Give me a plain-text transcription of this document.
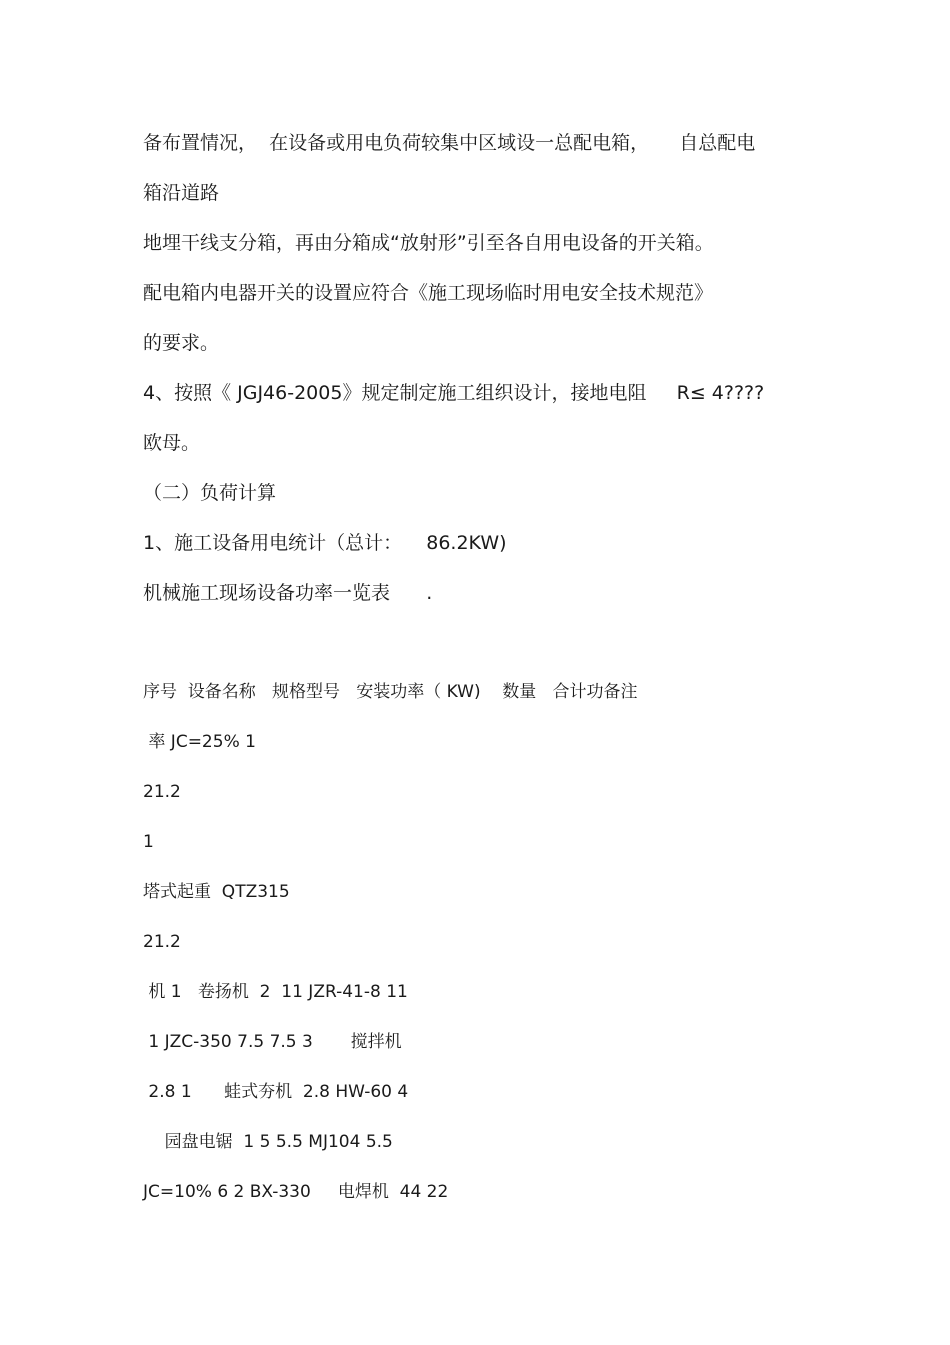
备布置情况，  在设备或用电负荷较集中区域设一总配电箱，     自总配电
箱沿道路
地埋干线支分箱，再由分箱成“放射形”引至各自用电设备的开关箱。
配电箱内电器开关的设置应符合《施工现场临时用电安全技术规范》
的要求。
4、按照《 JGJ46-2005》规定制定施工组织设计，接地电阻     R≤ 4????
欧母。
（二）负荷计算
1、施工设备用电统计（总计：    86.2KW)
机械施工现场设备功率一览表      .
序号  设备名称   规格型号   安装功率（ KW)    数量   合计功备注
率 JC=25% 1
21.2
1
塔式起重  QTZ315
21.2
机 1   卷扬机  2  11 JZR-41-8 11
1 JZC-350 7.5 7.5 3       搅拌机
2.8 1      蛙式夯机  2.8 HW-60 4
园盘电锯  1 5 5.5 MJ104 5.5
JC=10% 6 2 BX-330     电焊机  44 22
